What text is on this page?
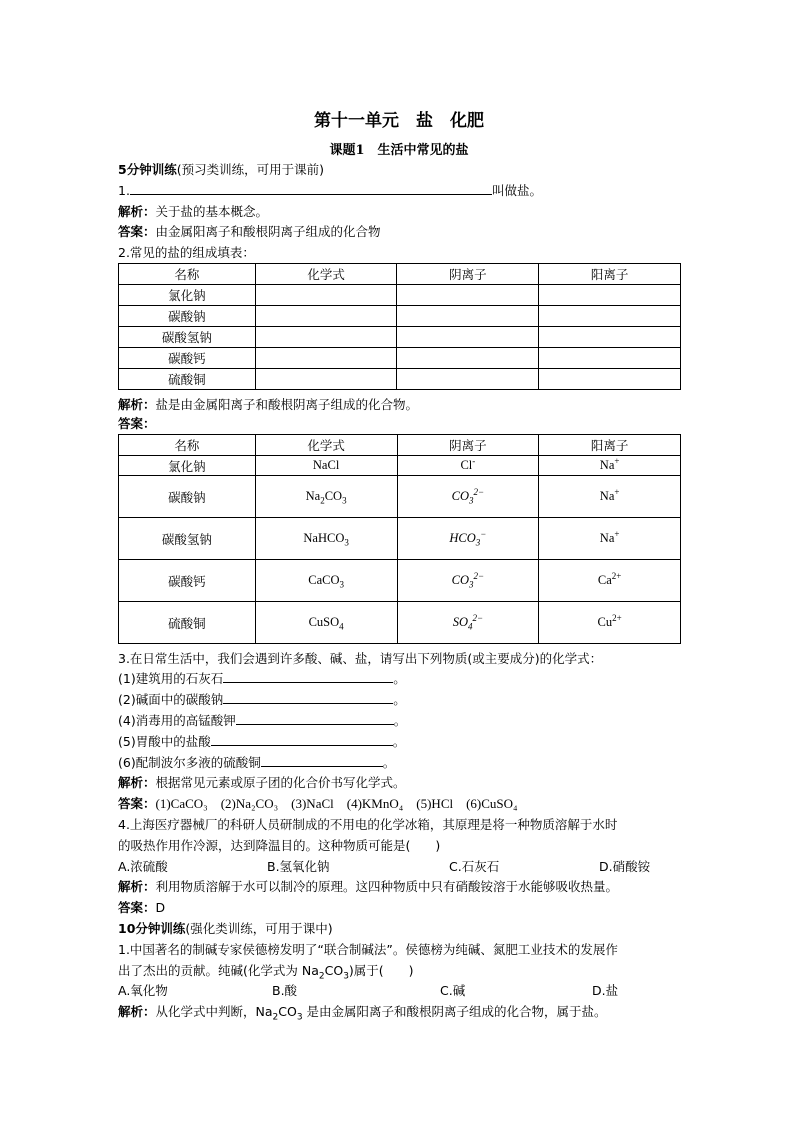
第十一单元　盐　化肥
课题1　生活中常见的盐
5分钟训练(预习类训练，可用于课前)
1.	叫做盐。
解析：关于盐的基本概念。
答案：由金属阳离子和酸根阴离子组成的化合物
2.常见的盐的组成填表：
名称	化学式	阴离子	阳离子
氯化钠			
碳酸钠			
碳酸氢钠			
碳酸钙			
硫酸铜			
解析：盐是由金属阳离子和酸根阴离子组成的化合物。
答案：
名称	化学式	阴离子	阳离子
氯化钠	NaCl	Cl-	Na+
碳酸钠	$Na_2CO_3$	$CO_3^{2-}$	Na+
碳酸氢钠	NaHCO$_3$	$HCO_3^-$	Na+
碳酸钙	CaCO$_3$	$CO_3^{2-}$	$Ca^{2+}$
硫酸铜	CuSO$_4$	$SO_4^{2-}$	$Cu^{2+}$
3.在日常生活中，我们会遇到许多酸、碱、盐，请写出下列物质(或主要成分)的化学式：
(1)建筑用的石灰石	。
(2)碱面中的碳酸钠	。
(4)消毒用的高锰酸钾	。
(5)胃酸中的盐酸	。
(6)配制波尔多液的硫酸铜	。
解析：根据常见元素或原子团的化合价书写化学式。
答案：(1)CaCO₃　(2)Na₂CO₃　(3)NaCl　(4)KMnO₄　(5)HCl　(6)CuSO₄
4.上海医疗器械厂的科研人员研制成的不用电的化学冰箱，其原理是将一种物质溶解于水时
的吸热作用作冷源，达到降温目的。这种物质可能是(　　)
A.浓硫酸	B.氢氧化钠	C.石灰石	D.硝酸铵
解析：利用物质溶解于水可以制冷的原理。这四种物质中只有硝酸铵溶于水能够吸收热量。
答案：D
10分钟训练(强化类训练，可用于课中)
1.中国著名的制碱专家侯德榜发明了“联合制碱法”。侯德榜为纯碱、氮肥工业技术的发展作
出了杰出的贡献。纯碱(化学式为 $Na_2CO_3$)属于(　　)
A.氧化物	B.酸	C.碱	D.盐
解析：从化学式中判断，$Na_2CO_3$ 是由金属阳离子和酸根阴离子组成的化合物，属于盐。
